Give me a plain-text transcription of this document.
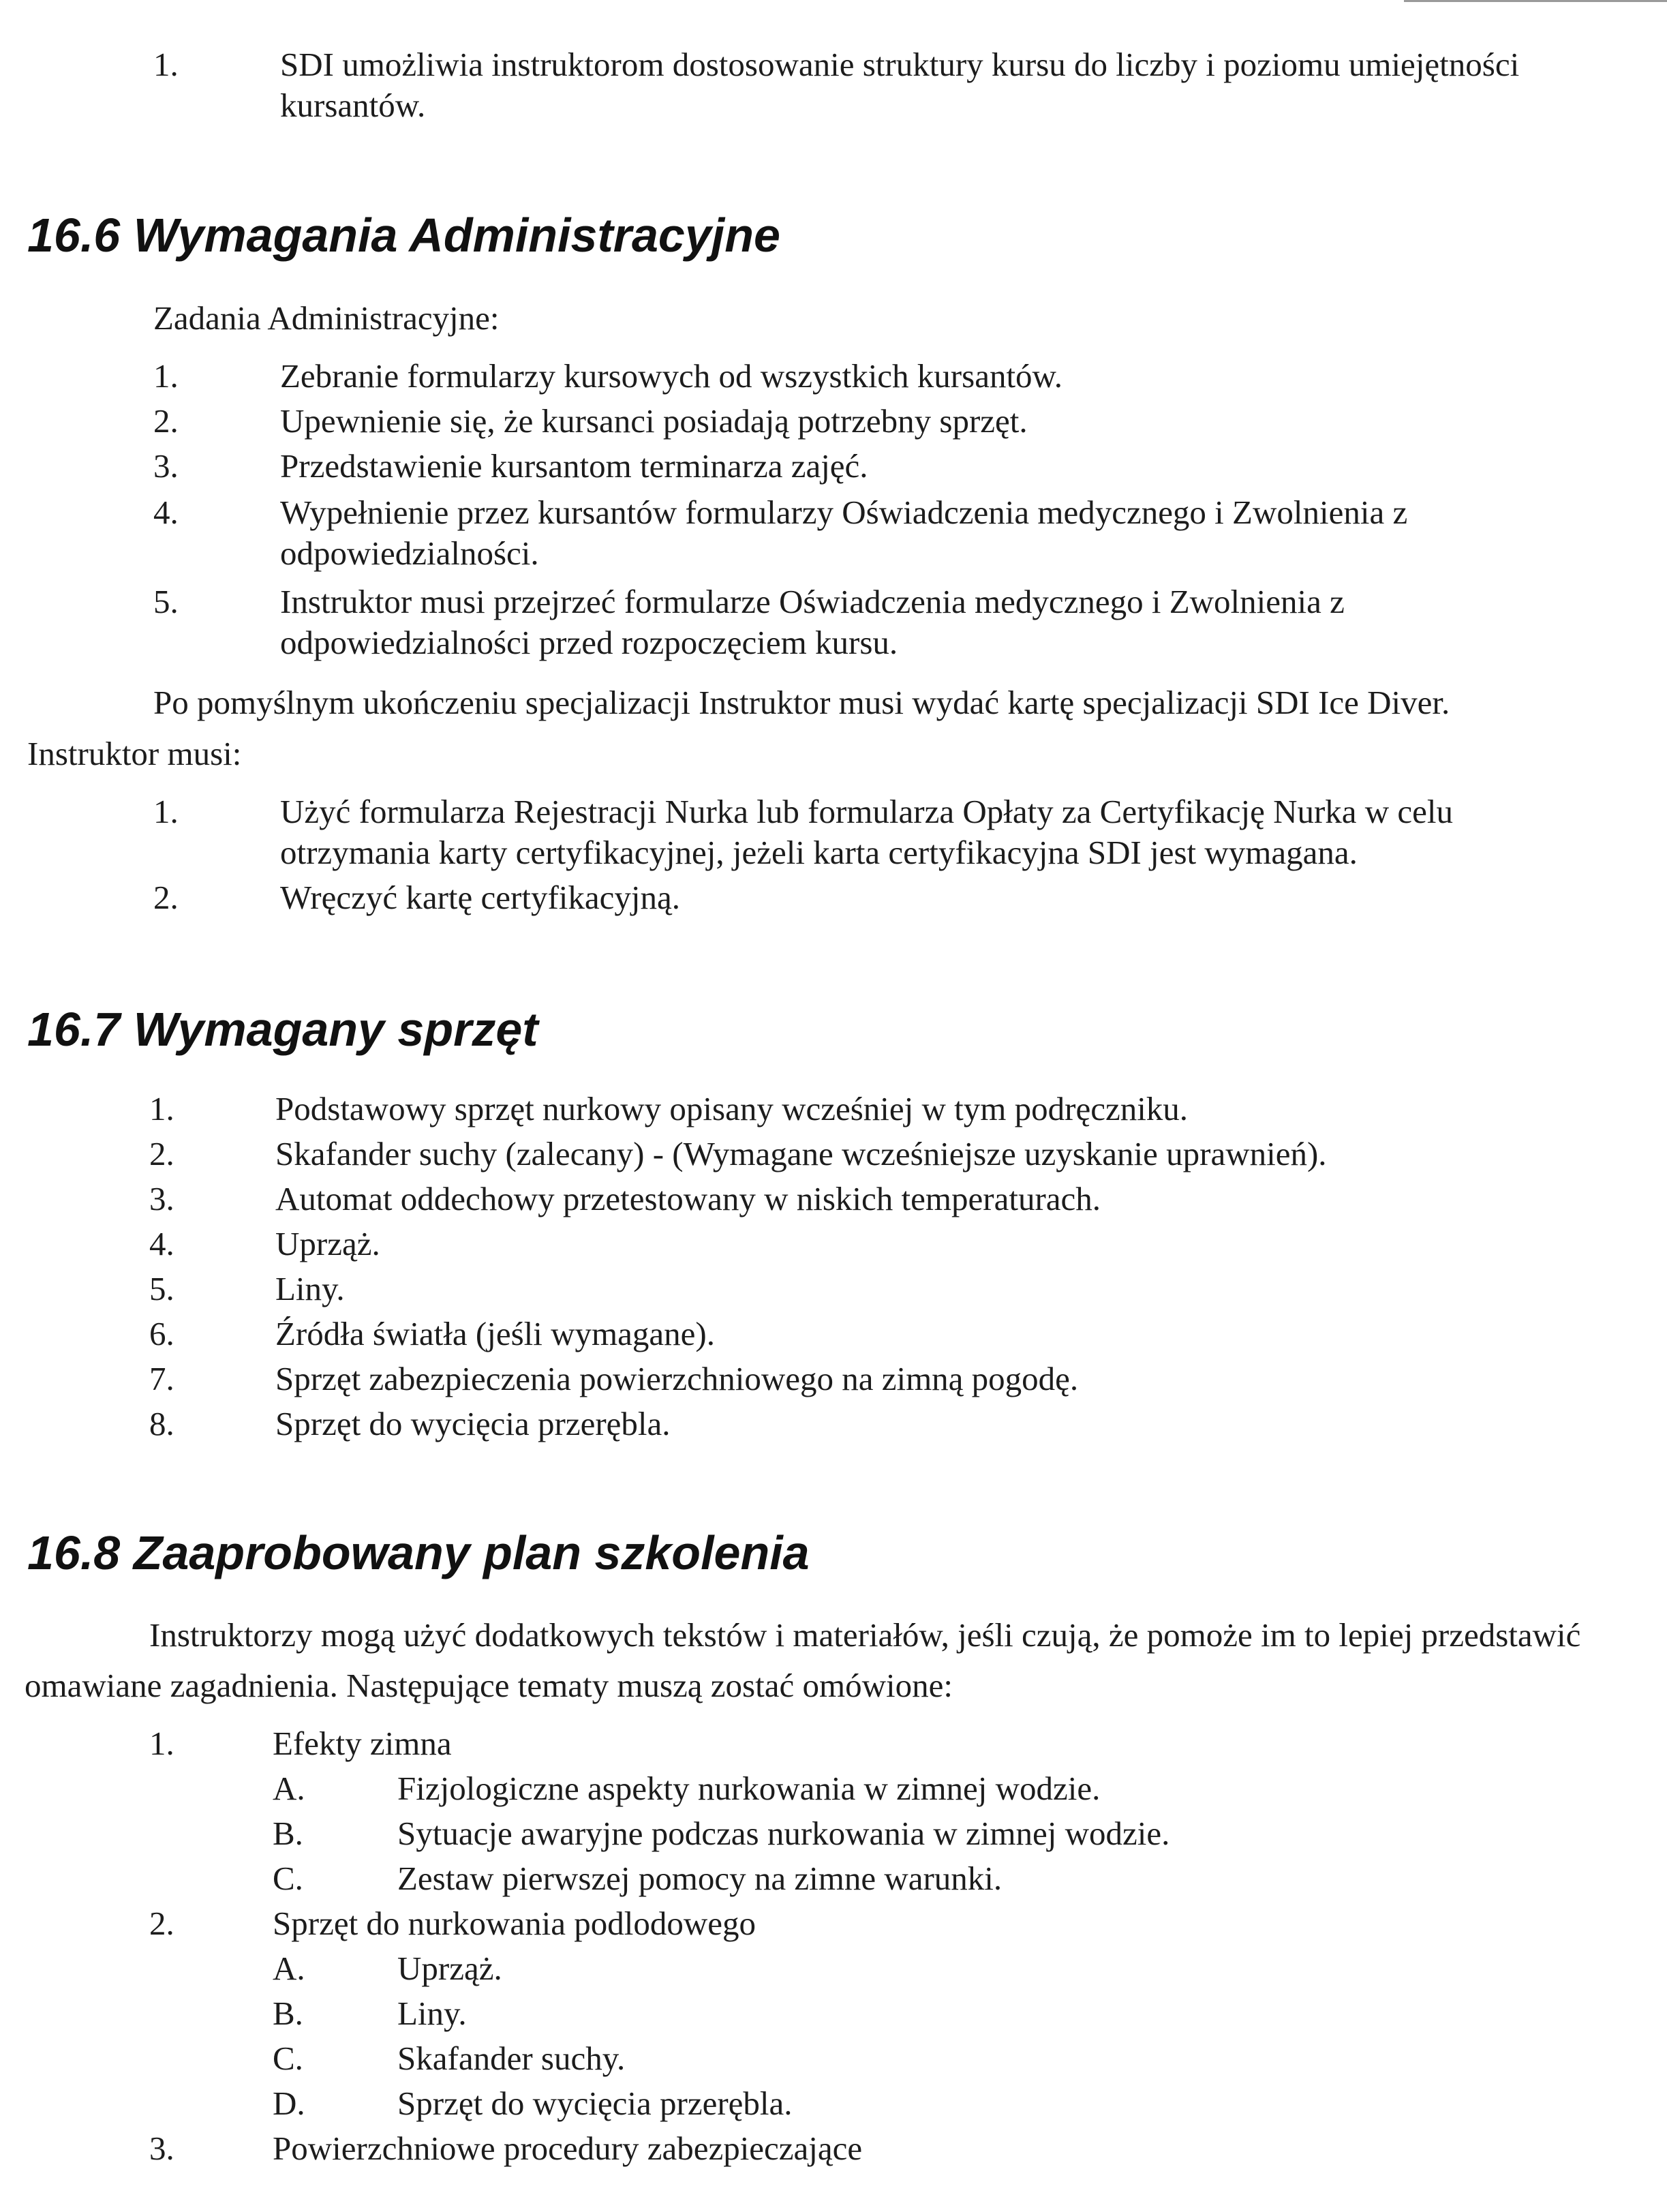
1.	SDI umożliwia instruktorom dostosowanie struktury kursu do liczby i poziomu umiejętności
kursantów.
16.6 Wymagania Administracyjne
Zadania Administracyjne:
1.	Zebranie formularzy kursowych od wszystkich kursantów.
2.	Upewnienie się, że kursanci posiadają potrzebny sprzęt.
3.	Przedstawienie kursantom terminarza zajęć.
4.	Wypełnienie przez kursantów formularzy Oświadczenia medycznego i Zwolnienia z
odpowiedzialności.
5.	Instruktor musi przejrzeć formularze Oświadczenia medycznego i Zwolnienia z
odpowiedzialności przed rozpoczęciem kursu.
Po pomyślnym ukończeniu specjalizacji Instruktor musi wydać kartę specjalizacji SDI Ice Diver.
Instruktor musi:
1.	Użyć formularza Rejestracji Nurka lub formularza Opłaty za Certyfikację Nurka w celu
otrzymania karty certyfikacyjnej, jeżeli karta certyfikacyjna SDI jest wymagana.
2.	Wręczyć kartę certyfikacyjną.
16.7 Wymagany sprzęt
1.	Podstawowy sprzęt nurkowy opisany wcześniej w tym podręczniku.
2.	Skafander suchy (zalecany) - (Wymagane wcześniejsze uzyskanie uprawnień).
3.	Automat oddechowy przetestowany w niskich temperaturach.
4.	Uprząż.
5.	Liny.
6.	Źródła światła (jeśli wymagane).
7.	Sprzęt zabezpieczenia powierzchniowego na zimną pogodę.
8.	Sprzęt do wycięcia przerębla.
16.8 Zaaprobowany plan szkolenia
Instruktorzy mogą użyć dodatkowych tekstów i materiałów, jeśli czują, że pomoże im to lepiej przedstawić
omawiane zagadnienia. Następujące tematy muszą zostać omówione:
1.	Efekty zimna
A.	Fizjologiczne aspekty nurkowania w zimnej wodzie.
B.	Sytuacje awaryjne podczas nurkowania w zimnej wodzie.
C.	Zestaw pierwszej pomocy na zimne warunki.
2.	Sprzęt do nurkowania podlodowego
A.	Uprząż.
B.	Liny.
C.	Skafander suchy.
D.	Sprzęt do wycięcia przerębla.
3.	Powierzchniowe procedury zabezpieczające
